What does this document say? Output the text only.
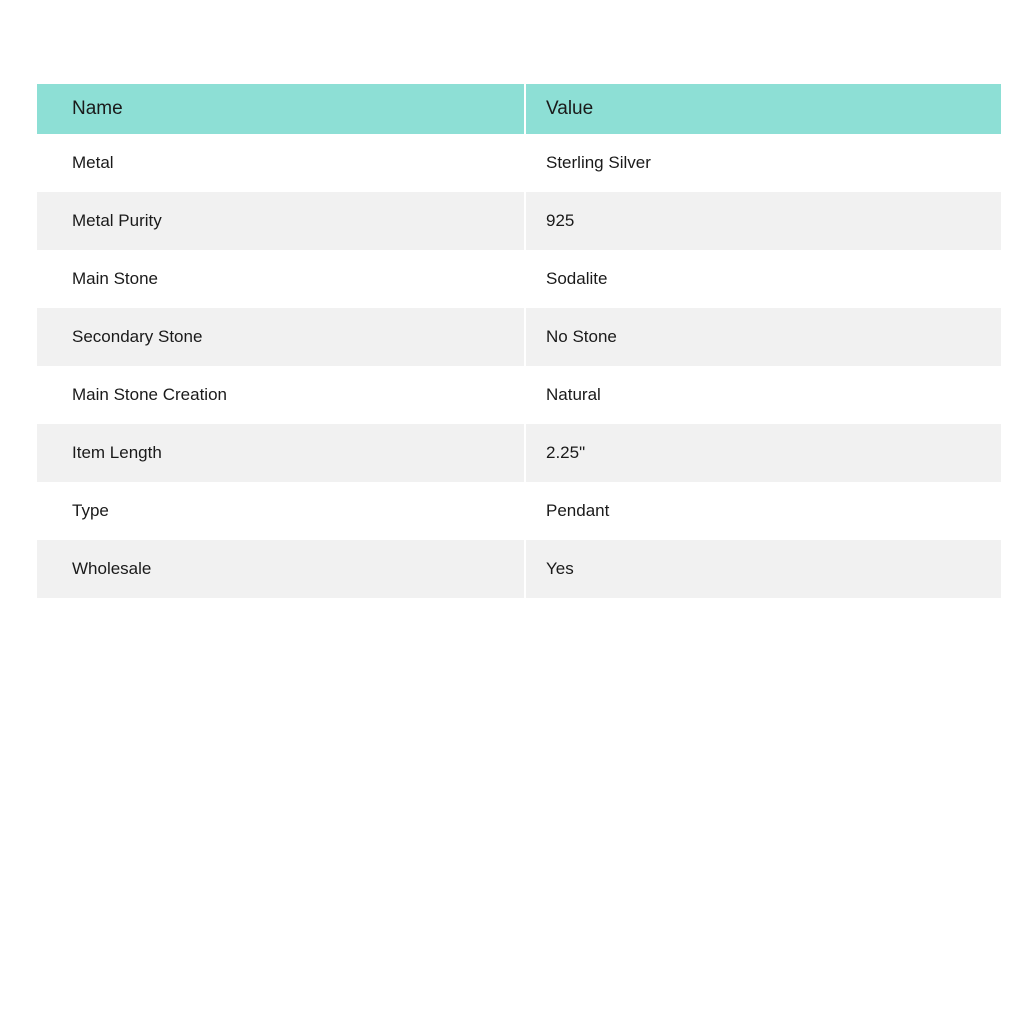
Name	Value
Metal	Sterling Silver
Metal Purity	925
Main Stone	Sodalite
Secondary Stone	No Stone
Main Stone Creation	Natural
Item Length	2.25"
Type	Pendant
Wholesale	Yes
